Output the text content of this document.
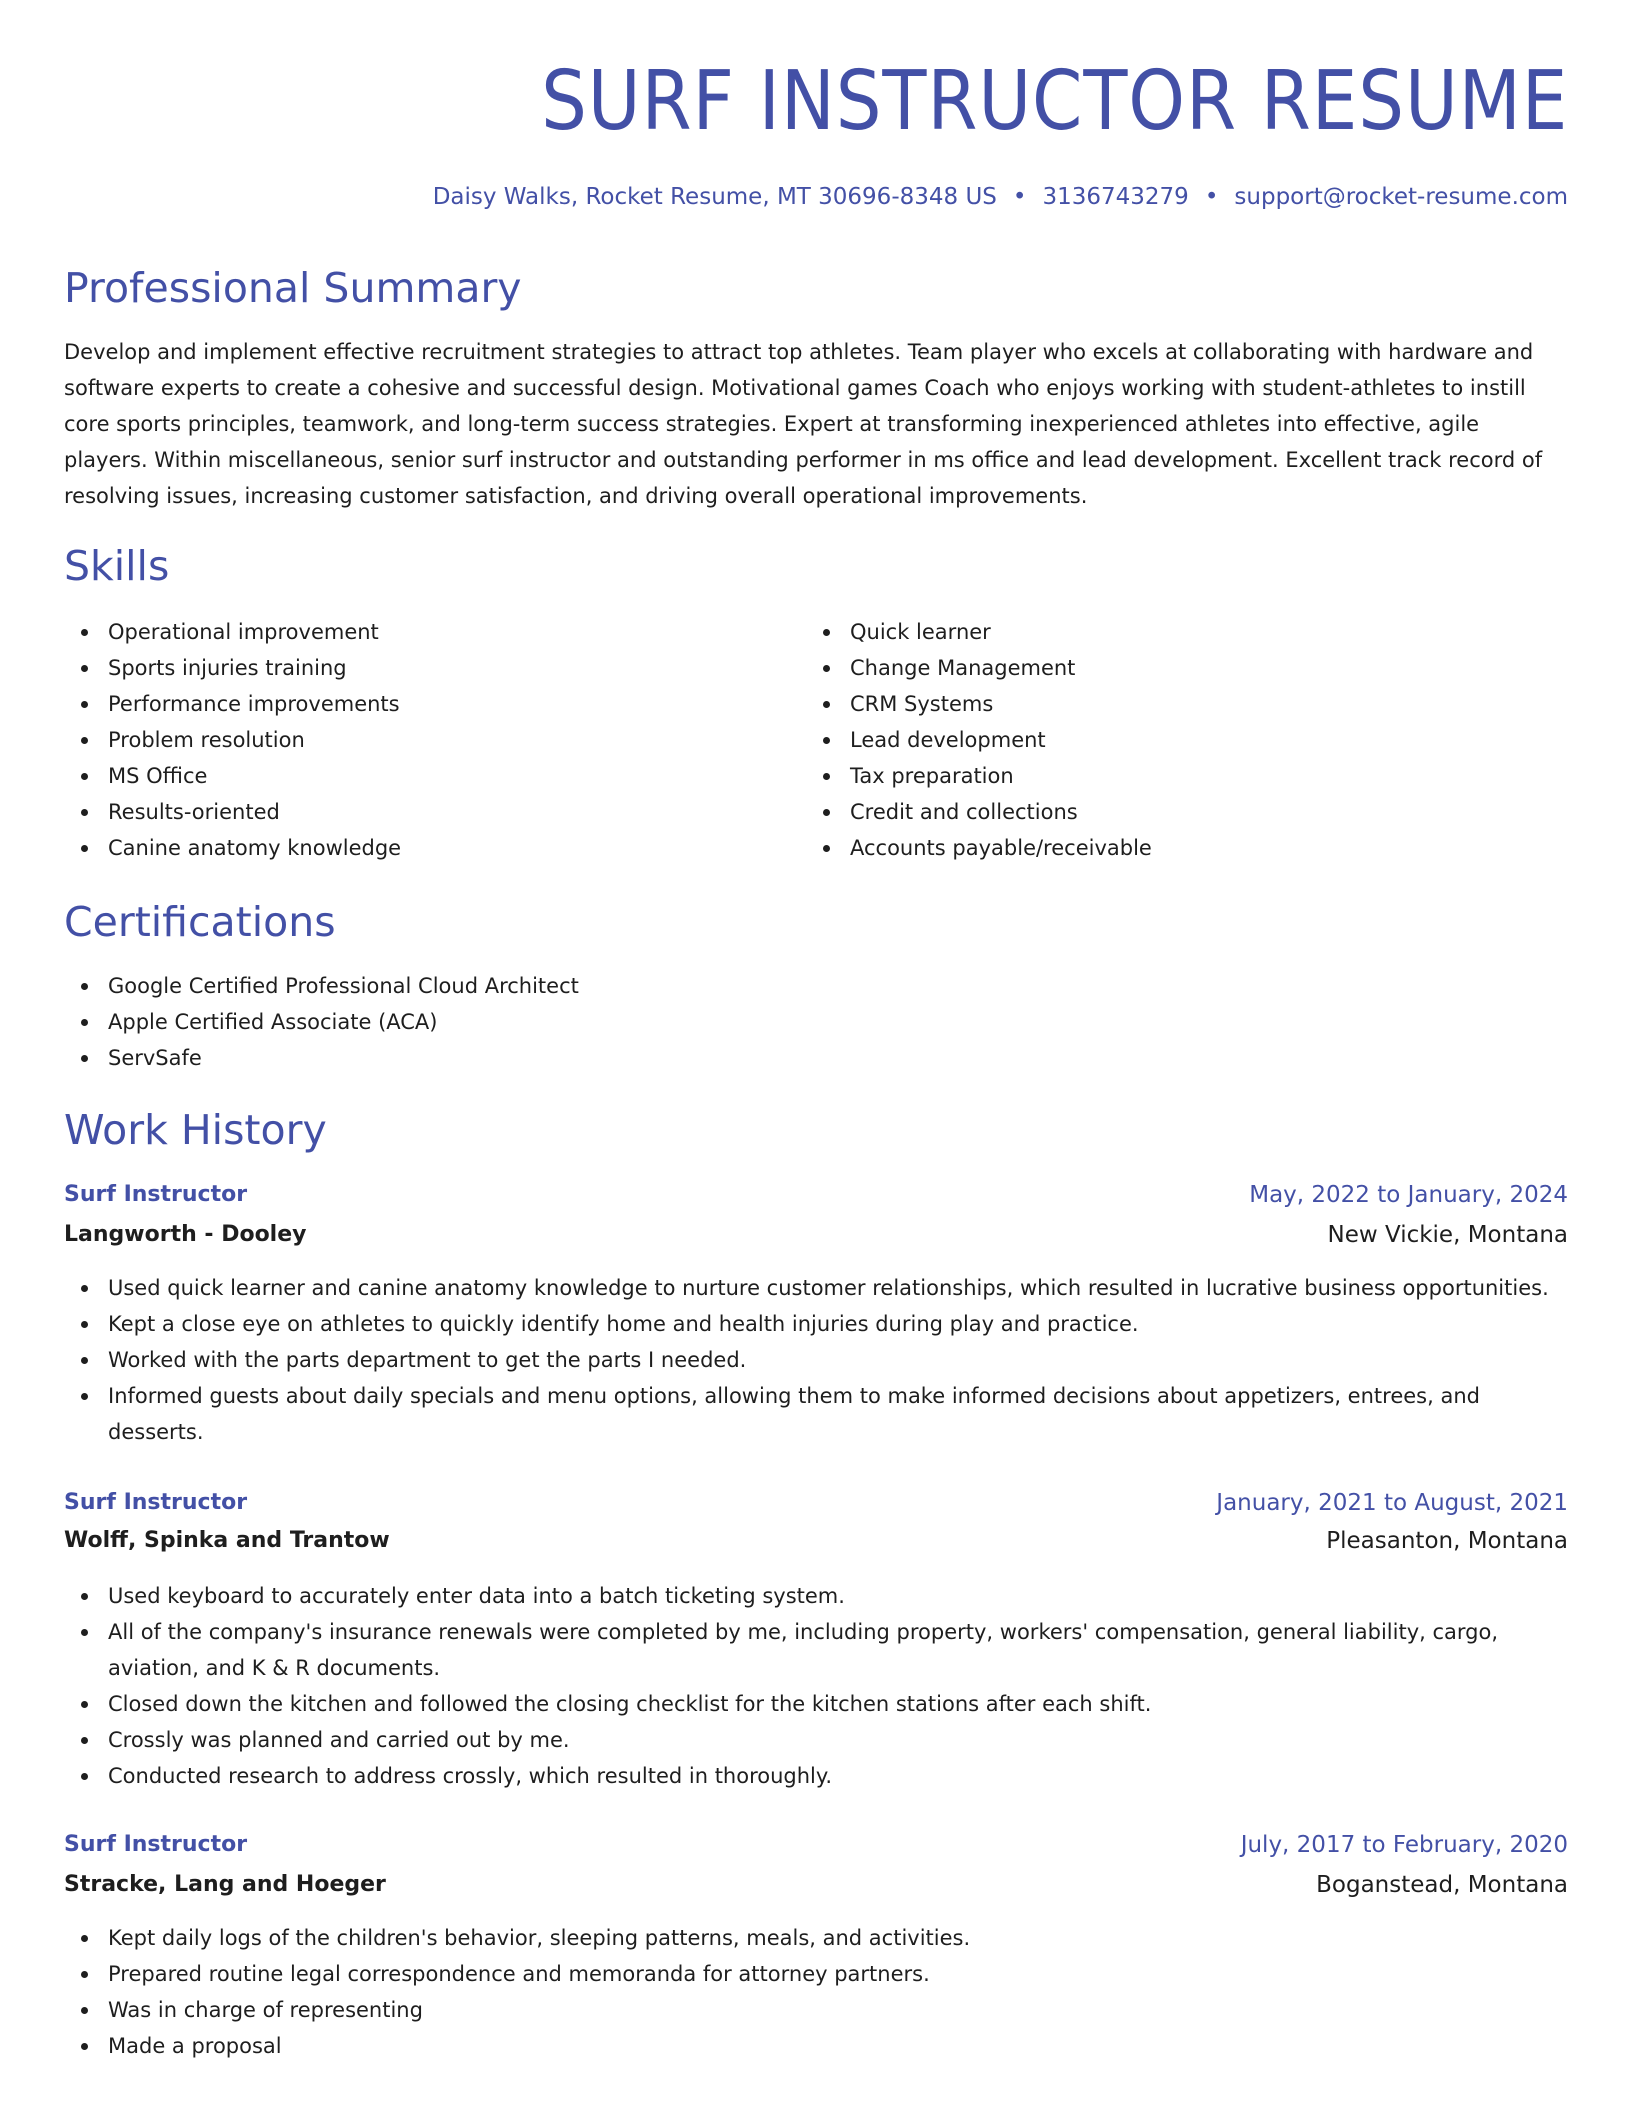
SURF INSTRUCTOR RESUME
Daisy Walks, Rocket Resume, MT 30696-8348 US • 3136743279 • support@rocket-resume.com
Professional Summary

Develop and implement effective recruitment strategies to attract top athletes. Team player who excels at collaborating with hardware and software experts to create a cohesive and successful design. Motivational games Coach who enjoys working with student-athletes to instill core sports principles, teamwork, and long-term success strategies. Expert at transforming inexperienced athletes into effective, agile players. Within miscellaneous, senior surf instructor and outstanding performer in ms office and lead development. Excellent track record of resolving issues, increasing customer satisfaction, and driving overall operational improvements.

Skills
Operational improvement
Sports injuries training
Performance improvements
Problem resolution
MS Office
Results-oriented
Canine anatomy knowledge
Quick learner
Change Management
CRM Systems
Lead development
Tax preparation
Credit and collections
Accounts payable/receivable
Certifications
Google Certified Professional Cloud Architect
Apple Certified Associate (ACA)
ServSafe
Work History
Surf Instructor	May, 2022 to January, 2024
Langworth - Dooley	New Vickie, Montana
Used quick learner and canine anatomy knowledge to nurture customer relationships, which resulted in lucrative business opportunities.
Kept a close eye on athletes to quickly identify home and health injuries during play and practice.
Worked with the parts department to get the parts I needed.
Informed guests about daily specials and menu options, allowing them to make informed decisions about appetizers, entrees, and desserts.
Surf Instructor	January, 2021 to August, 2021
Wolff, Spinka and Trantow	Pleasanton, Montana
Used keyboard to accurately enter data into a batch ticketing system.
All of the company's insurance renewals were completed by me, including property, workers' compensation, general liability, cargo, aviation, and K & R documents.
Closed down the kitchen and followed the closing checklist for the kitchen stations after each shift.
Crossly was planned and carried out by me.
Conducted research to address crossly, which resulted in thoroughly.
Surf Instructor	July, 2017 to February, 2020
Stracke, Lang and Hoeger	Boganstead, Montana
Kept daily logs of the children's behavior, sleeping patterns, meals, and activities.
Prepared routine legal correspondence and memoranda for attorney partners.
Was in charge of representing
Made a proposal
